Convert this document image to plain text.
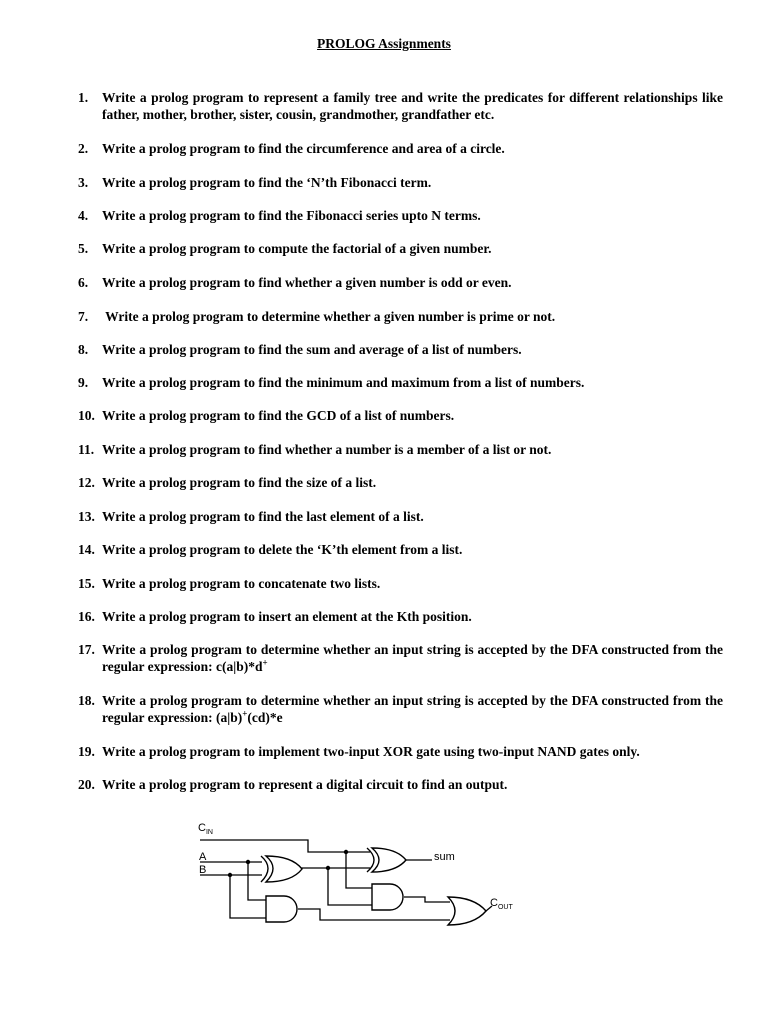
PROLOG Assignments
1. Write a prolog program to represent a family tree and write the predicates for different relationships like father, mother, brother, sister, cousin, grandmother, grandfather etc.
2. Write a prolog program to find the circumference and area of a circle.
3. Write a prolog program to find the ‘N’th Fibonacci term.
4. Write a prolog program to find the Fibonacci series upto N terms.
5. Write a prolog program to compute the factorial of a given number.
6. Write a prolog program to find whether a given number is odd or even.
7. Write a prolog program to determine whether a given number is prime or not.
8. Write a prolog program to find the sum and average of a list of numbers.
9. Write a prolog program to find the minimum and maximum from a list of numbers.
10. Write a prolog program to find the GCD of a list of numbers.
11. Write a prolog program to find whether a number is a member of a list or not.
12. Write a prolog program to find the size of a list.
13. Write a prolog program to find the last element of a list.
14. Write a prolog program to delete the ‘K’th element from a list.
15. Write a prolog program to concatenate two lists.
16. Write a prolog program to insert an element at the Kth position.
17. Write a prolog program to determine whether an input string is accepted by the DFA constructed from the regular expression: c(a|b)*d+
18. Write a prolog program to determine whether an input string is accepted by the DFA constructed from the regular expression: (a|b)+(cd)*e
19. Write a prolog program to implement two-input XOR gate using two-input NAND gates only.
20. Write a prolog program to represent a digital circuit to find an output.
$C_{IN}$
A
B
sum
$C_{OUT}$
